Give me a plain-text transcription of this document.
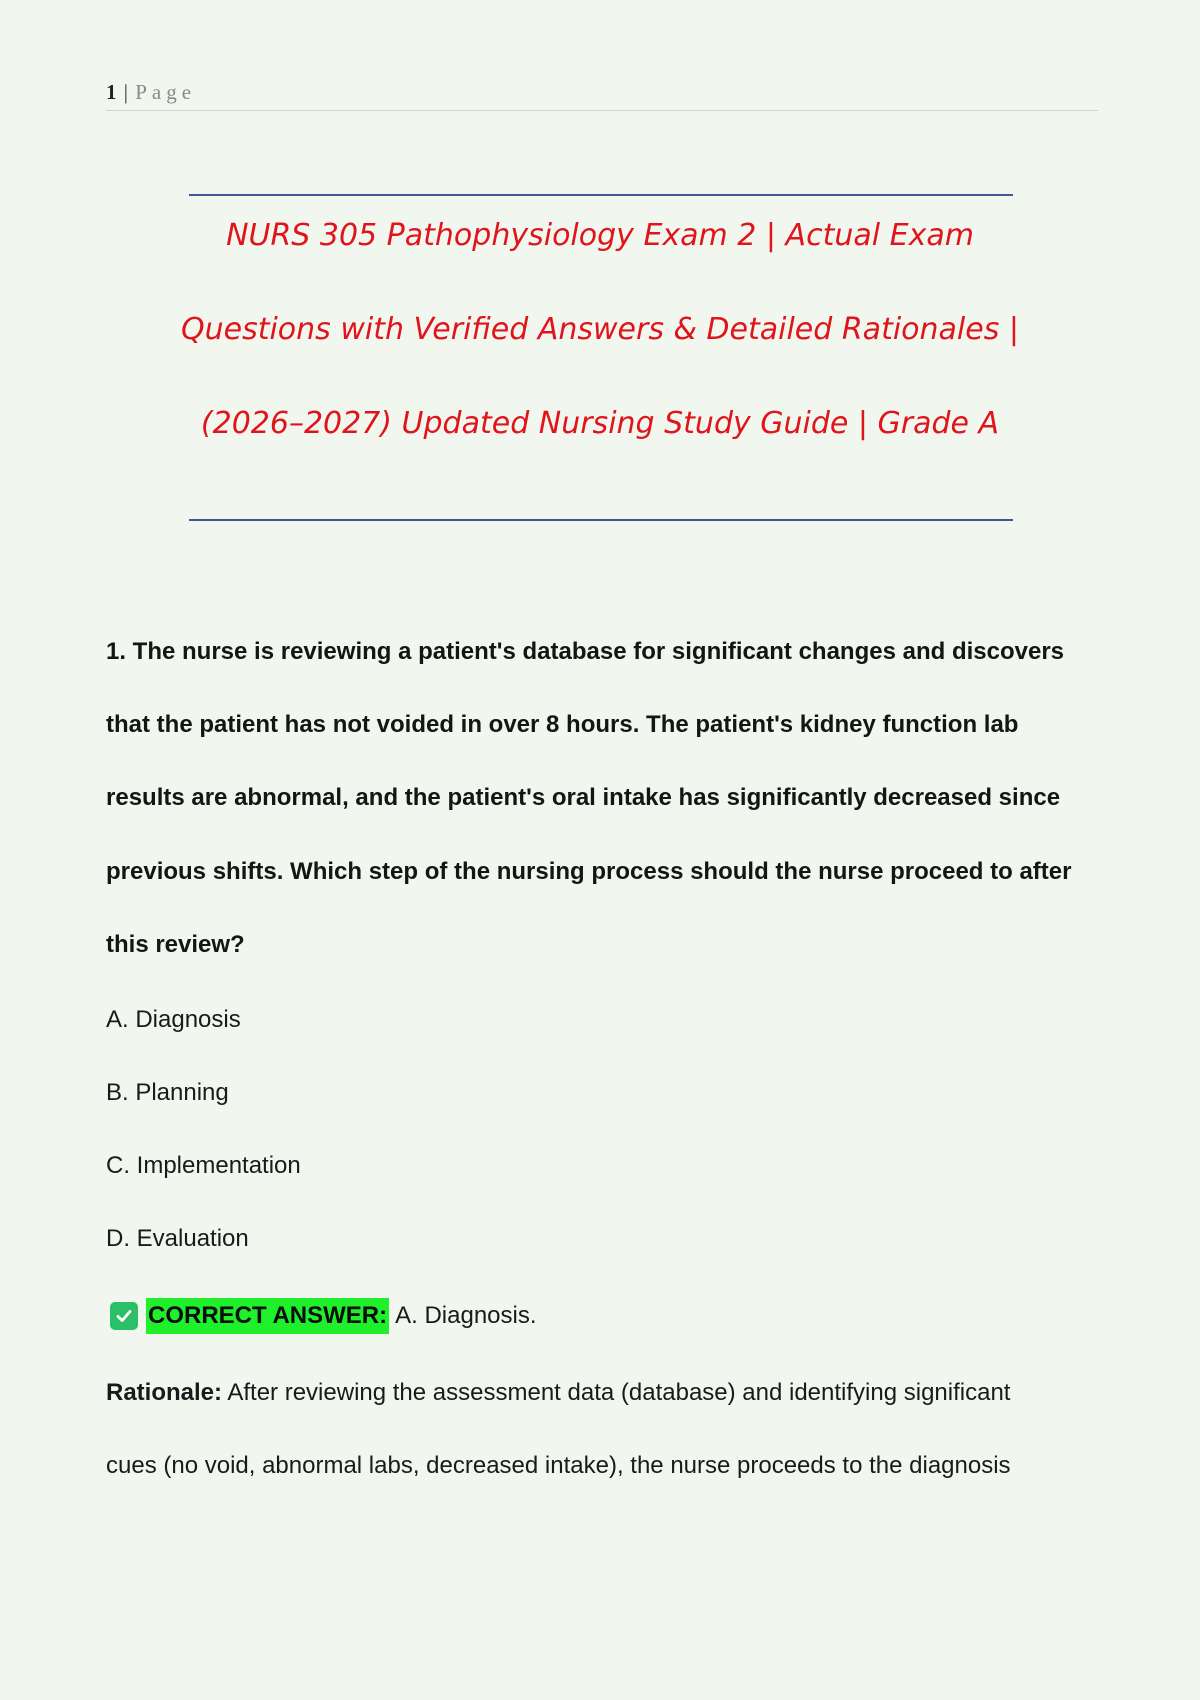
1 | Page
NURS 305 Pathophysiology Exam 2 | Actual Exam
Questions with Verified Answers & Detailed Rationales |
(2026–2027) Updated Nursing Study Guide | Grade A
1. The nurse is reviewing a patient's database for significant changes and discovers
that the patient has not voided in over 8 hours. The patient's kidney function lab
results are abnormal, and the patient's oral intake has significantly decreased since
previous shifts. Which step of the nursing process should the nurse proceed to after
this review?
A. Diagnosis
B. Planning
C. Implementation
D. Evaluation
CORRECT ANSWER: A. Diagnosis.
Rationale: After reviewing the assessment data (database) and identifying significant
cues (no void, abnormal labs, decreased intake), the nurse proceeds to the diagnosis
